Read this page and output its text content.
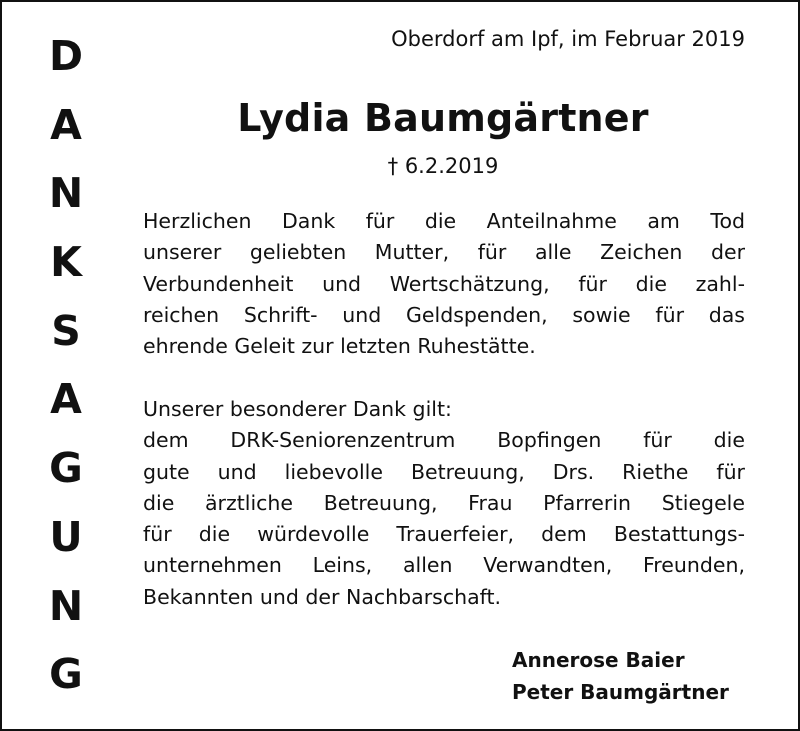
D
A
N
K
S
A
G
U
N
G
Oberdorf am Ipf, im Februar 2019
Lydia Baumgärtner
† 6.2.2019
Herzlichen Dank für die Anteilnahme am Tod
unserer geliebten Mutter, für alle Zeichen der
Verbundenheit und Wertschätzung, für die zahl-
reichen Schrift- und Geldspenden, sowie für das
ehrende Geleit zur letzten Ruhestätte.
Unserer besonderer Dank gilt:
dem DRK-Seniorenzentrum Bopfingen für die
gute und liebevolle Betreuung, Drs. Riethe für
die ärztliche Betreuung, Frau Pfarrerin Stiegele
für die würdevolle Trauerfeier, dem Bestattungs-
unternehmen Leins, allen Verwandten, Freunden,
Bekannten und der Nachbarschaft.
Annerose Baier
Peter Baumgärtner
